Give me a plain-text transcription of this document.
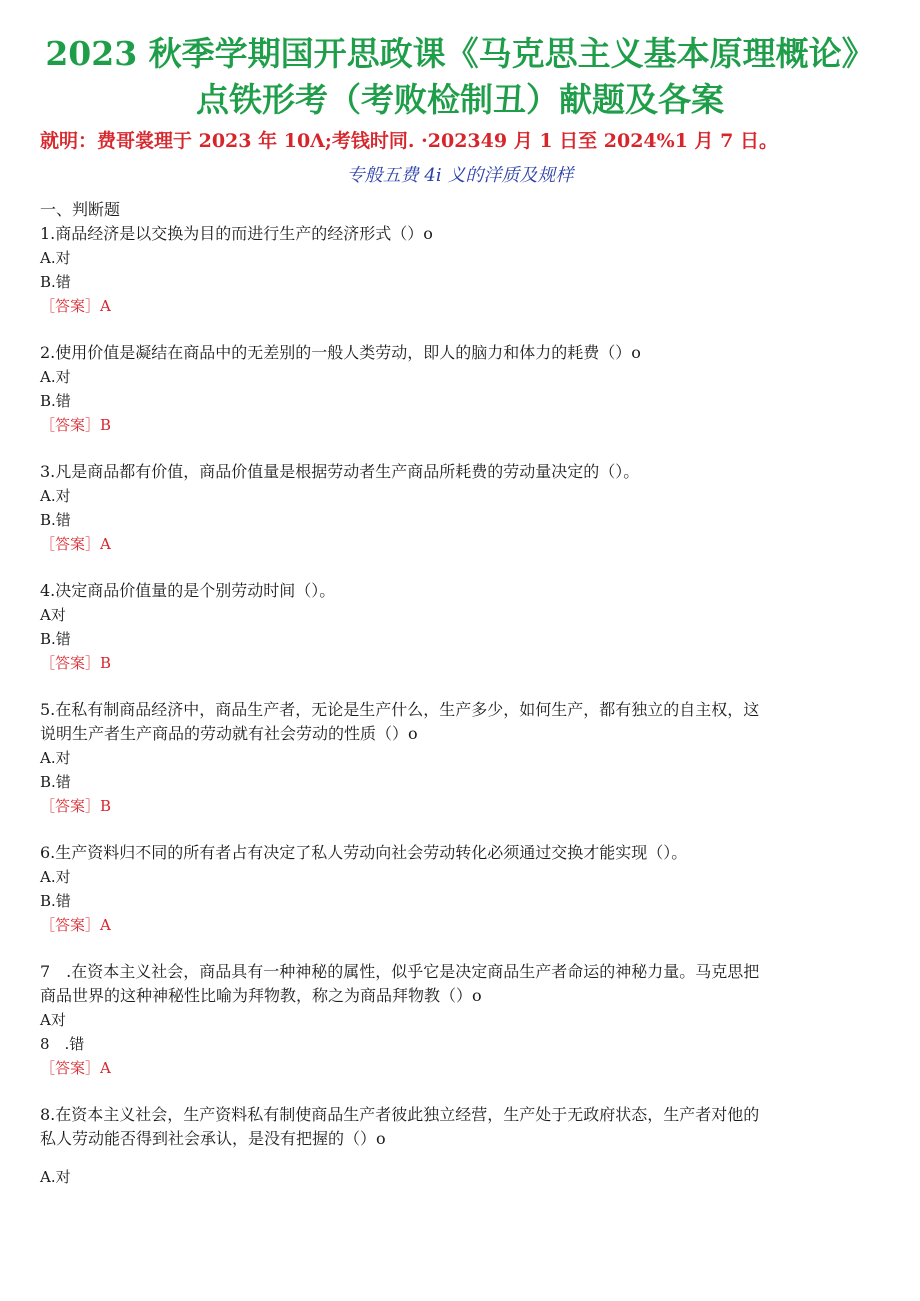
2023 秋季学期国开思政课《马克思主义基本原理概论》
点铁形考（考败检制丑）献题及各案
就明：费哥裳理于 2023 年 10Λ;考钱时同. ·202349 月 1 日至 2024%1 月 7 日。
专般五费 4i 义的洋质及规样

一、判断题

1.商品经济是以交换为目的而进行生产的经济形式（）o

A.对

B.错

［答案］A

2.使用价值是凝结在商品中的无差别的一般人类劳动，即人的脑力和体力的耗费（）o

A.对

B.错

［答案］B

3.凡是商品都有价值，商品价值量是根据劳动者生产商品所耗费的劳动量决定的（）。

A.对

B.错

［答案］A

4.决定商品价值量的是个别劳动时间（）。

A对

B.错

［答案］B

5.在私有制商品经济中，商品生产者，无论是生产什么，生产多少，如何生产，都有独立的自主权，这

说明生产者生产商品的劳动就有社会劳动的性质（）o

A.对

B.错

［答案］B

6.生产资料归不同的所有者占有决定了私人劳动向社会劳动转化必须通过交换才能实现（）。

A.对

B.错

［答案］A

7　.在资本主义社会，商品具有一种神秘的属性，似乎它是决定商品生产者命运的神秘力量。马克思把

商品世界的这种神秘性比喻为拜物教，称之为商品拜物教（）o

A对

8　.错

［答案］A

8.在资本主义社会，生产资料私有制使商品生产者彼此独立经营，生产处于无政府状态，生产者对他的

私人劳动能否得到社会承认，是没有把握的（）o

A.对
